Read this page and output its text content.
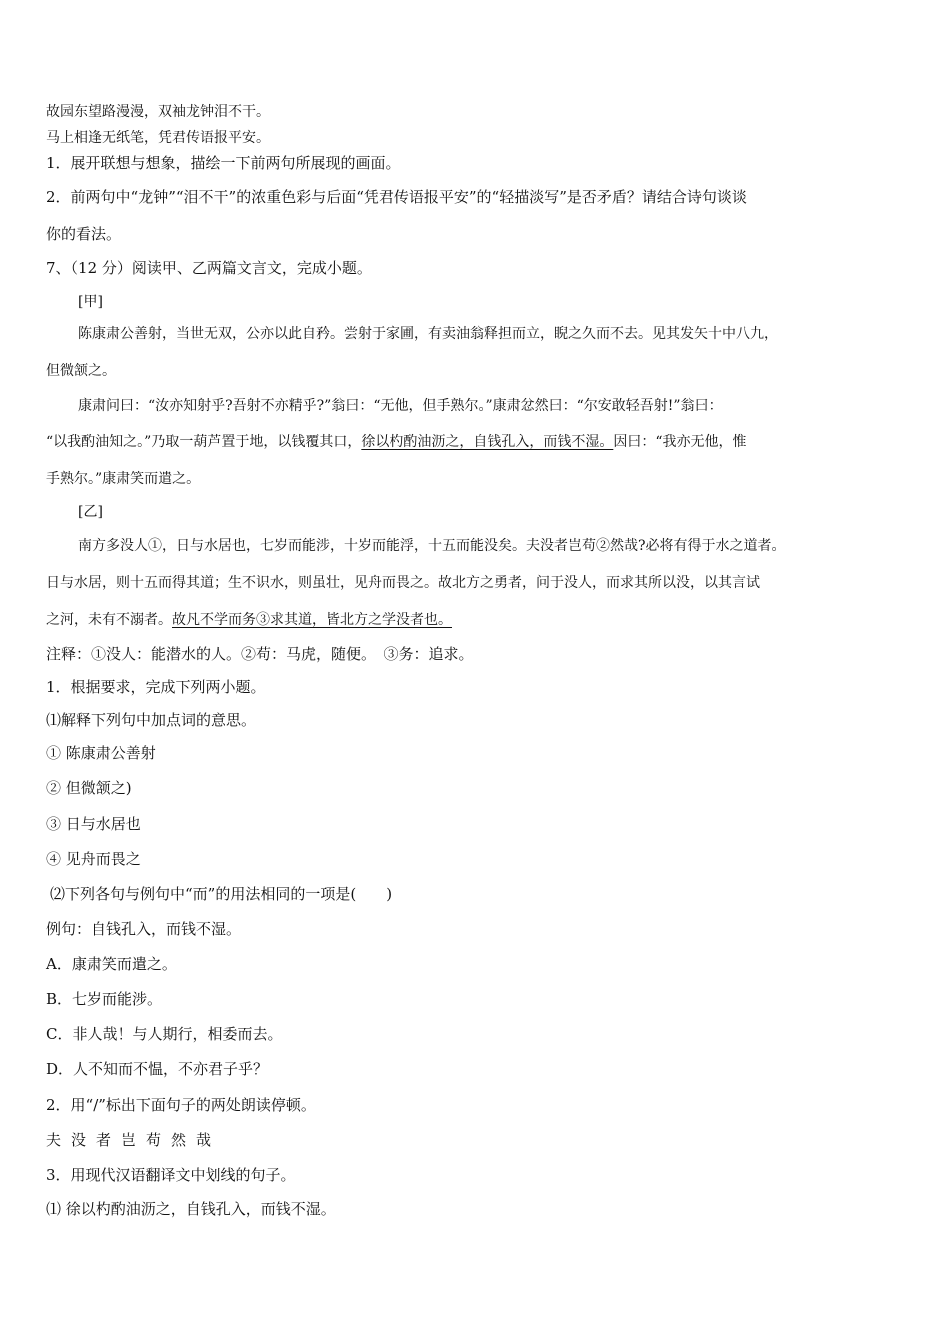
故园东望路漫漫，双袖龙钟泪不干。
马上相逢无纸笔，凭君传语报平安。
1．展开联想与想象，描绘一下前两句所展现的画面。
2．前两句中“龙钟”“泪不干”的浓重色彩与后面“凭君传语报平安”的“轻描淡写”是否矛盾？请结合诗句谈谈
你的看法。
7、（12 分）阅读甲、乙两篇文言文，完成小题。
[甲]
陈康肃公善射，当世无双，公亦以此自矜。尝射于家圃，有卖油翁释担而立，睨之久而不去。见其发矢十中八九，
但微颔之。
康肃问曰：“汝亦知射乎?吾射不亦精乎?”翁曰：“无他，但手熟尔。”康肃忿然曰：“尔安敢轻吾射!”翁曰：
“以我酌油知之。”乃取一葫芦置于地，以钱覆其口，徐以杓酌油沥之，自钱孔入，而钱不湿。因曰：“我亦无他，惟
手熟尔。”康肃笑而遣之。
[乙]
南方多没人①，日与水居也，七岁而能涉，十岁而能浮，十五而能没矣。夫没者岂苟②然哉?必将有得于水之道者。
日与水居，则十五而得其道；生不识水，则虽壮，见舟而畏之。故北方之勇者，问于没人，而求其所以没，以其言试
之河，未有不溺者。故凡不学而务③求其道，皆北方之学没者也。
注释：①没人：能潜水的人。②苟：马虎，随便。　③务：追求。
1．根据要求，完成下列两小题。
⑴解释下列句中加点词的意思。
① 陈康肃公善射
② 但微颔之)
③ 日与水居也
④ 见舟而畏之
⑵下列各句与例句中“而”的用法相同的一项是(　　)
例句：自钱孔入，而钱不湿。
A．康肃笑而遣之。
B．七岁而能涉。
C．非人哉！与人期行，相委而去。
D．人不知而不愠，不亦君子乎？
2．用“/”标出下面句子的两处朗读停顿。
夫没者岂苟然哉
3．用现代汉语翻译文中划线的句子。
⑴ 徐以杓酌油沥之，自钱孔入，而钱不湿。
